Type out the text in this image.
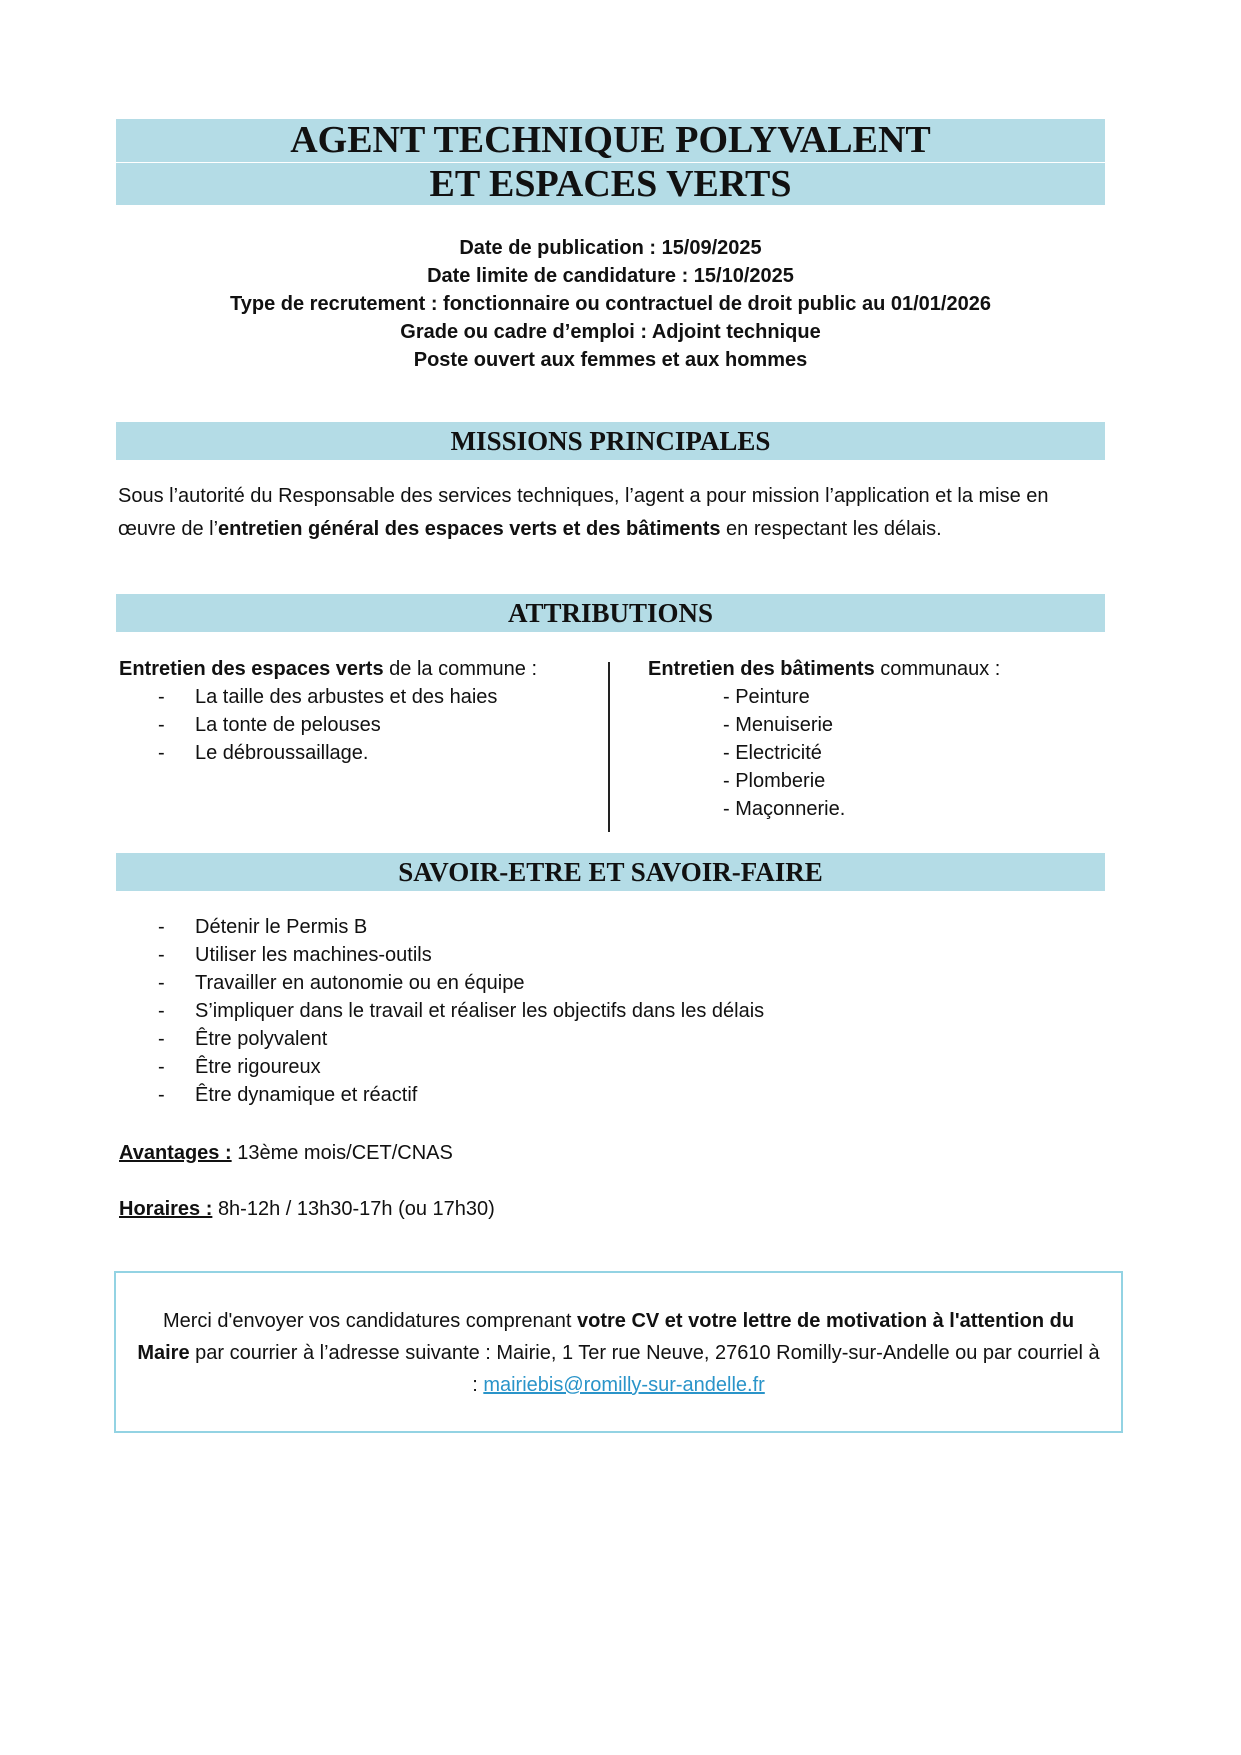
AGENT TECHNIQUE POLYVALENT
ET ESPACES VERTS
Date de publication : 15/09/2025
Date limite de candidature : 15/10/2025
Type de recrutement : fonctionnaire ou contractuel de droit public au 01/01/2026
Grade ou cadre d’emploi : Adjoint technique
Poste ouvert aux femmes et aux hommes
MISSIONS PRINCIPALES
Sous l’autorité du Responsable des services techniques, l’agent a pour mission l’application et la mise en œuvre de l’entretien général des espaces verts et des bâtiments en respectant les délais.
ATTRIBUTIONS
Entretien des espaces verts de la commune :
- La taille des arbustes et des haies
- La tonte de pelouses
- Le débroussaillage.
Entretien des bâtiments communaux :
- Peinture
- Menuiserie
- Electricité
- Plomberie
- Maçonnerie.
SAVOIR-ETRE ET SAVOIR-FAIRE
- Détenir le Permis B
- Utiliser les machines-outils
- Travailler en autonomie ou en équipe
- S’impliquer dans le travail et réaliser les objectifs dans les délais
- Être polyvalent
- Être rigoureux
- Être dynamique et réactif
Avantages : 13ème mois/CET/CNAS
Horaires : 8h-12h / 13h30-17h (ou 17h30)
Merci d'envoyer vos candidatures comprenant votre CV et votre lettre de motivation à l'attention du Maire par courrier à l’adresse suivante : Mairie, 1 Ter rue Neuve, 27610 Romilly-sur-Andelle ou par courriel à : mairiebis@romilly-sur-andelle.fr
